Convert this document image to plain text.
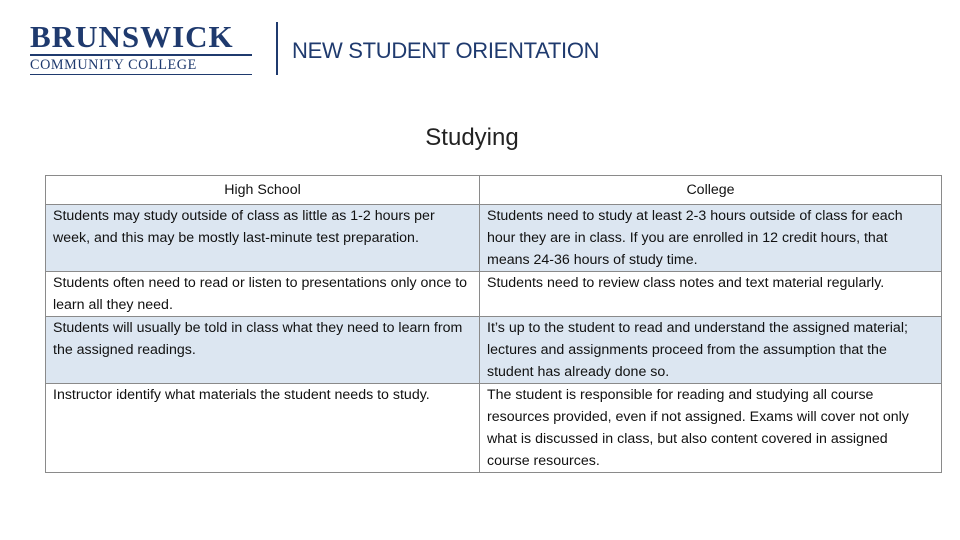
BRUNSWICK
COMMUNITY COLLEGE
NEW STUDENT ORIENTATION
Studying
High School	College
Students may study outside of class as little as 1-2 hours per week, and this may be mostly last-minute test preparation.	Students need to study at least 2-3 hours outside of class for each hour they are in class. If you are enrolled in 12 credit hours, that means 24-36 hours of study time.
Students often need to read or listen to presentations only once to learn all they need.	Students need to review class notes and text material regularly.
Students will usually be told in class what they need to learn from the assigned readings.	It’s up to the student to read and understand the assigned material; lectures and assignments proceed from the assumption that the student has already done so.
Instructor identify what materials the student needs to study.	The student is responsible for reading and studying all course resources provided, even if not assigned. Exams will cover not only what is discussed in class, but also content covered in assigned course resources.
